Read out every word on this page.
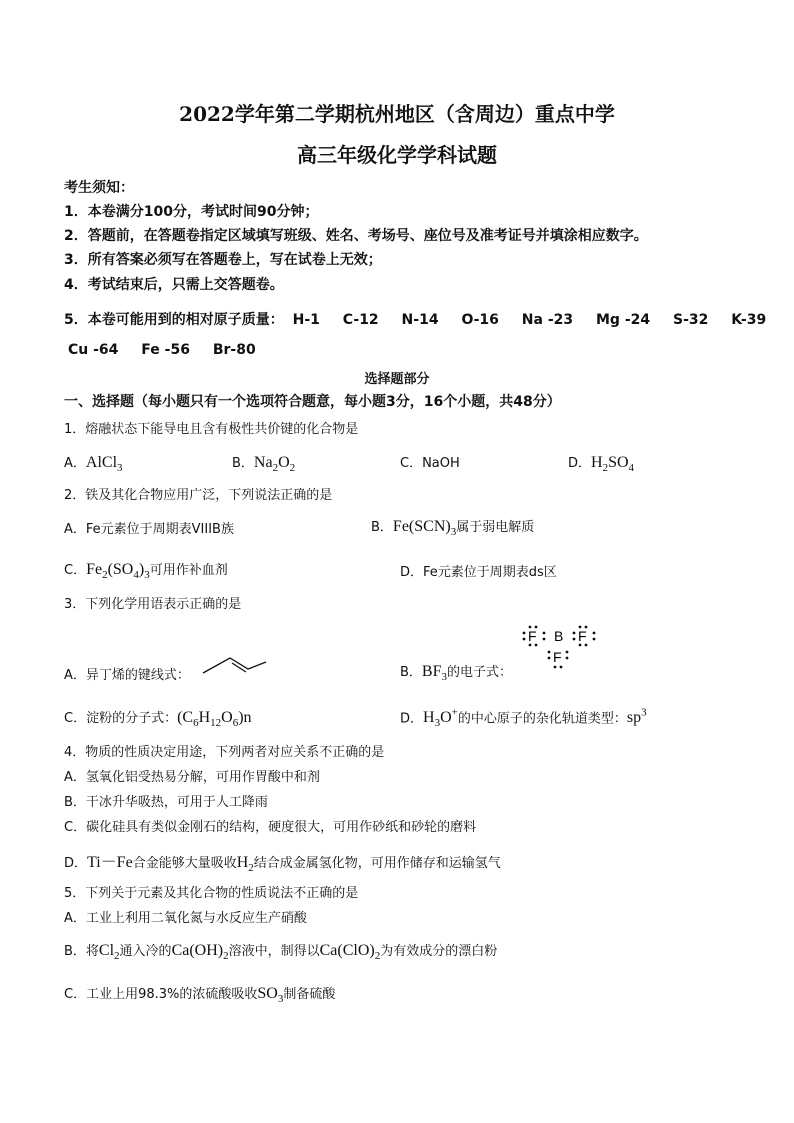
2022学年第二学期杭州地区（含周边）重点中学
高三年级化学学科试题
考生须知：
1．本卷满分100分，考试时间90分钟；
2．答题前，在答题卷指定区域填写班级、姓名、考场号、座位号及准考证号并填涂相应数字。
3．所有答案必须写在答题卷上，写在试卷上无效；
4．考试结束后，只需上交答题卷。
5．本卷可能用到的相对原子质量： H-1 C-12 N-14 O-16 Na -23 Mg -24 S-32 K-39
Cu -64 Fe -56 Br-80
选择题部分
一、选择题（每小题只有一个选项符合题意，每小题3分，16个小题，共48分）
1．熔融状态下能导电且含有极性共价键的化合物是
A．AlCl$_3$	B．$Na_2O_2$	C．NaOH	D．$H_2SO_4$
2．铁及其化合物应用广泛，下列说法正确的是
A．Fe元素位于周期表VIIIB族	B．$Fe(SCN)_3$属于弱电解质
C．$Fe_2(SO_4)_3$可用作补血剂	D．Fe元素位于周期表ds区
3．下列化学用语表示正确的是
F B F
F
A．异丁烯的键线式：	B．$BF_3$的电子式：
C．淀粉的分子式：$(C_6H_{12}O_6)n$	D．$H_3O^+$的中心原子的杂化轨道类型：$sp^3$
4．物质的性质决定用途，下列两者对应关系不正确的是
A．氢氧化铝受热易分解，可用作胃酸中和剂
B．干冰升华吸热，可用于人工降雨
C．碳化硅具有类似金刚石的结构，硬度很大，可用作砂纸和砂轮的磨料
D．Ti－Fe合金能够大量吸收$H_2$结合成金属氢化物，可用作储存和运输氢气
5．下列关于元素及其化合物的性质说法不正确的是
A．工业上利用二氧化氮与水反应生产硝酸
B．将$Cl_2$通入冷的$Ca(OH)_2$溶液中，制得以$Ca(ClO)_2$为有效成分的漂白粉
C．工业上用98.3%的浓硫酸吸收$SO_3$制备硫酸
